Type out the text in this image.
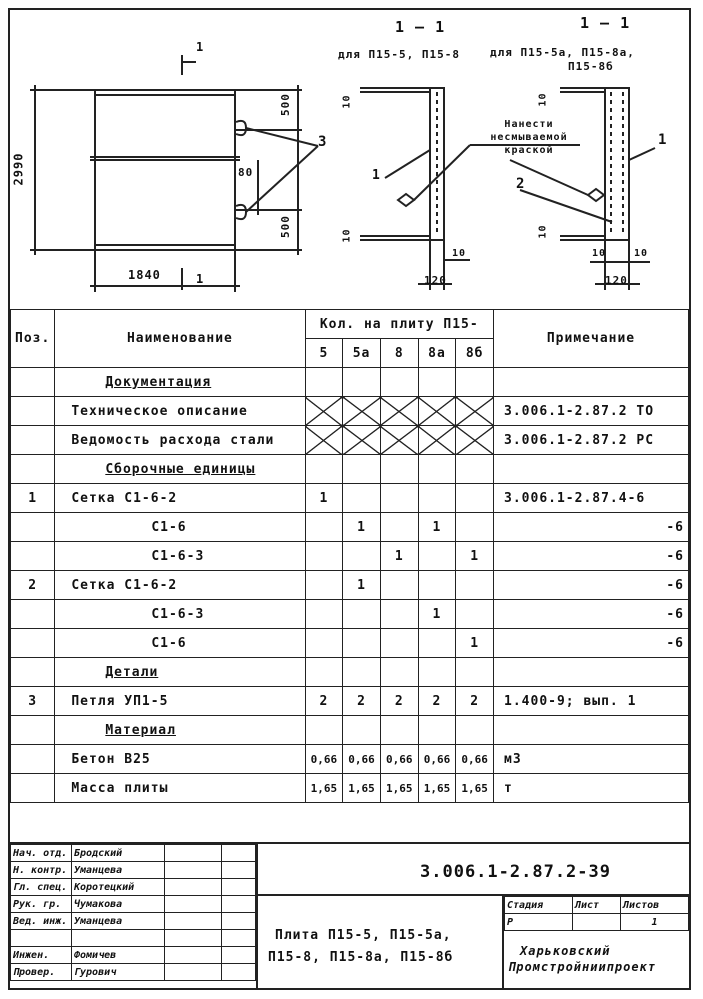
1
1
2990
1840
500
80
500
3
1 — 1
для П15-5, П15-8
1 — 1
для П15-5а, П15-8а,
П15-8б
10
10
10
120
1
Нанести несмываемой краской
2
1
10
10
10	10
120
Поз.	Наименование	Кол. на плиту П15-					Примечание
		5	5а	8	8а	8б	
	Документация						
	Техническое описание						3.006.1-2.87.2 ТО
	Ведомость расхода стали						3.006.1-2.87.2 РС
	Сборочные единицы						
1	Сетка С1-6-2	1					3.006.1-2.87.4-6
	С1-6		1		1		-6
	С1-6-3			1		1	-6
2	Сетка С1-6-2		1				-6
	С1-6-3				1		-6
	С1-6					1	-6
	Детали						
3	Петля УП1-5	2	2	2	2	2	1.400-9; вып. 1
	Материал						
	Бетон В25	0,66	0,66	0,66	0,66	0,66	м3
	Масса плиты	1,65	1,65	1,65	1,65	1,65	т
Нач. отд.	Бродский		
Н. контр.	Уманцева		
Гл. спец.	Коротецкий		
Рук. гр.	Чумакова		
Вед. инж.	Уманцева		

Инжен.	Фомичев		
Провер.	Гурович		
3.006.1-2.87.2-39
Плита П15-5, П15-5а,
П15-8, П15-8а, П15-8б
Стадия	Лист	Листов
Р		1
Харьковский
Промстройниипроект
